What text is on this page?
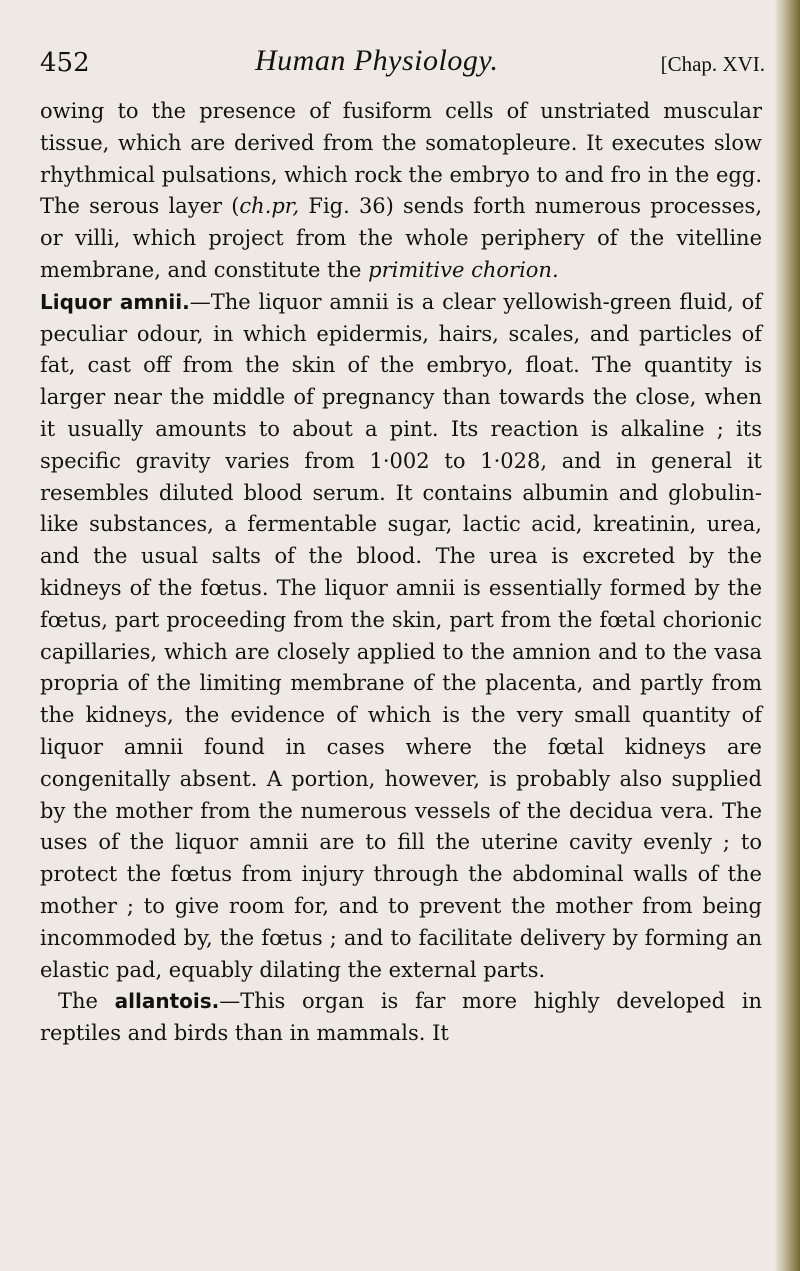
452	Human Physiology.	[Chap. XVI.

owing to the presence of fusiform cells of unstriated muscular tissue, which are derived from the somatopleure. It executes slow rhythmical pulsations, which rock the embryo to and fro in the egg. The serous layer (ch.pr, Fig. 36) sends forth numerous processes, or villi, which project from the whole periphery of the vitelline membrane, and constitute the primitive chorion.

Liquor amnii.—The liquor amnii is a clear yellowish-green fluid, of peculiar odour, in which epidermis, hairs, scales, and particles of fat, cast off from the skin of the embryo, float. The quantity is larger near the middle of pregnancy than towards the close, when it usually amounts to about a pint. Its reaction is alkaline ; its specific gravity varies from 1·002 to 1·028, and in general it resembles diluted blood serum. It contains albumin and globulin-like substances, a fermentable sugar, lactic acid, kreatinin, urea, and the usual salts of the blood. The urea is excreted by the kidneys of the fœtus. The liquor amnii is essentially formed by the fœtus, part proceeding from the skin, part from the fœtal chorionic capillaries, which are closely applied to the amnion and to the vasa propria of the limiting membrane of the placenta, and partly from the kidneys, the evidence of which is the very small quantity of liquor amnii found in cases where the fœtal kidneys are congenitally absent. A portion, however, is probably also supplied by the mother from the numerous vessels of the decidua vera. The uses of the liquor amnii are to fill the uterine cavity evenly ; to protect the fœtus from injury through the abdominal walls of the mother ; to give room for, and to prevent the mother from being incommoded by, the fœtus ; and to facilitate delivery by forming an elastic pad, equably dilating the external parts.

The allantois.—This organ is far more highly developed in reptiles and birds than in mammals. It
